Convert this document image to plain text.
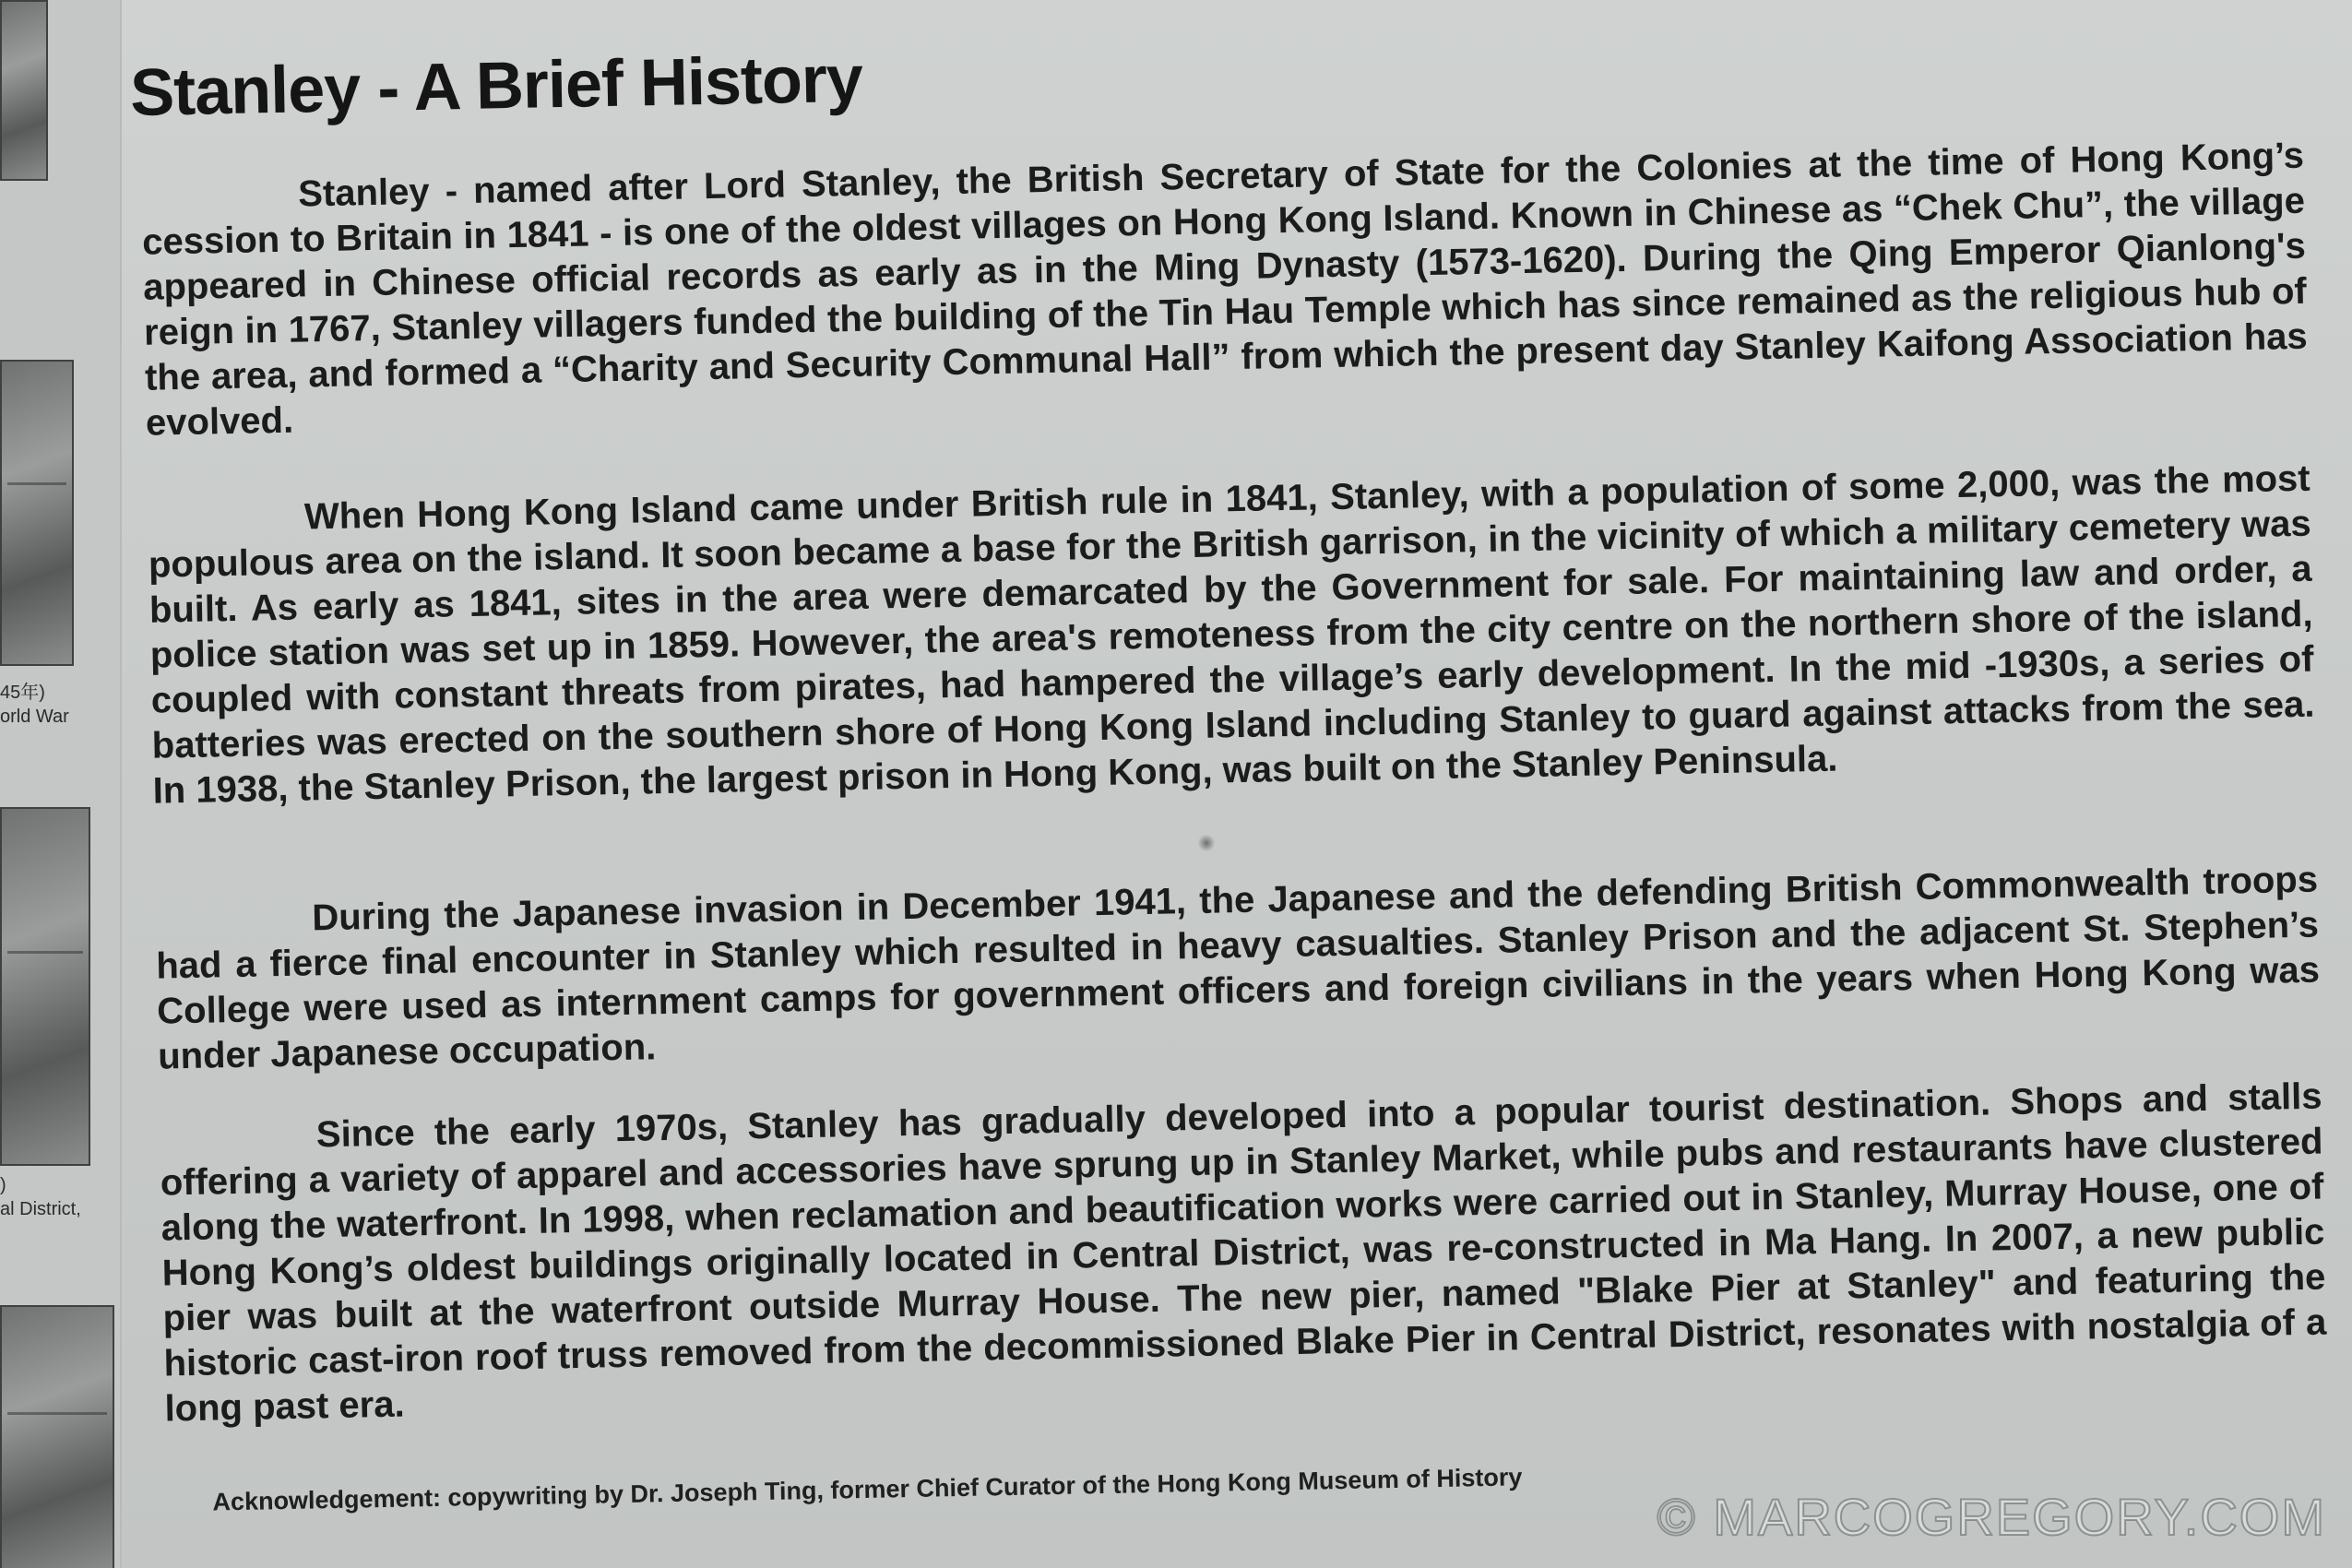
45年)
orld War
)
al District,
Stanley - A Brief History

Stanley - named after Lord Stanley, the British Secretary of State for the Colonies at the time of Hong Kong’s cession to Britain in 1841 - is one of the oldest villages on Hong Kong Island. Known in Chinese as “Chek Chu”, the village appeared in Chinese official records as early as in the Ming Dynasty (1573-1620). During the Qing Emperor Qianlong's reign in 1767, Stanley villagers funded the building of the Tin Hau Temple which has since remained as the religious hub of the area, and formed a “Charity and Security Communal Hall” from which the present day Stanley Kaifong Association has evolved.

When Hong Kong Island came under British rule in 1841, Stanley, with a population of some 2,000, was the most populous area on the island. It soon became a base for the British garrison, in the vicinity of which a military cemetery was built. As early as 1841, sites in the area were demarcated by the Government for sale. For maintaining law and order, a police station was set up in 1859. However, the area's remoteness from the city centre on the northern shore of the island, coupled with constant threats from pirates, had hampered the village’s early development. In the mid -1930s, a series of batteries was erected on the southern shore of Hong Kong Island including Stanley to guard against attacks from the sea. In 1938, the Stanley Prison, the largest prison in Hong Kong, was built on the Stanley Peninsula.

During the Japanese invasion in December 1941, the Japanese and the defending British Commonwealth troops had a fierce final encounter in Stanley which resulted in heavy casualties. Stanley Prison and the adjacent St. Stephen’s College were used as internment camps for government officers and foreign civilians in the years when Hong Kong was under Japanese occupation.

Since the early 1970s, Stanley has gradually developed into a popular tourist destination. Shops and stalls offering a variety of apparel and accessories have sprung up in Stanley Market, while pubs and restaurants have clustered along the waterfront. In 1998, when reclamation and beautification works were carried out in Stanley, Murray House, one of Hong Kong’s oldest buildings originally located in Central District, was re-constructed in Ma Hang. In 2007, a new public pier was built at the waterfront outside Murray House. The new pier, named "Blake Pier at Stanley" and featuring the historic cast-iron roof truss removed from the decommissioned Blake Pier in Central District, resonates with nostalgia of a long past era.

Acknowledgement: copywriting by Dr. Joseph Ting, former Chief Curator of the Hong Kong Museum of History	© MARCOGREGORY.COM
